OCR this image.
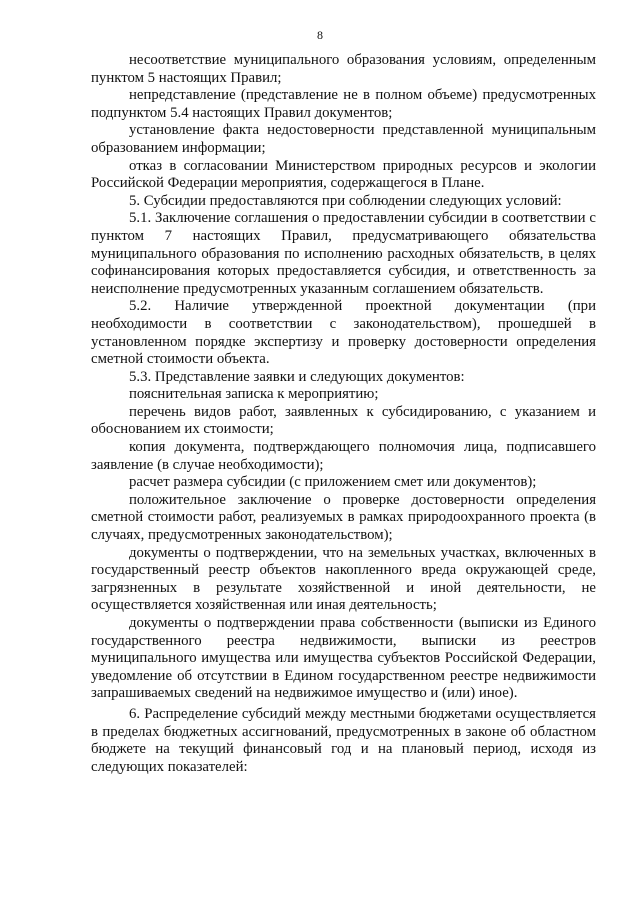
8

несоответствие муниципального образования условиям, определенным пунктом 5 настоящих Правил;

непредставление (представление не в полном объеме) предусмотренных подпунктом 5.4 настоящих Правил документов;

установление факта недостоверности представленной муниципальным образованием информации;

отказ в согласовании Министерством природных ресурсов и экологии Российской Федерации мероприятия, содержащегося в Плане.

5. Субсидии предоставляются при соблюдении следующих условий:

5.1. Заключение соглашения о предоставлении субсидии в соответствии с пунктом 7 настоящих Правил, предусматривающего обязательства муниципального образования по исполнению расходных обязательств, в целях софинансирования которых предоставляется субсидия, и ответственность за неисполнение предусмотренных указанным соглашением обязательств.

5.2. Наличие утвержденной проектной документации (при необходимости в соответствии с законодательством), прошедшей в установленном порядке экспертизу и проверку достоверности определения сметной стоимости объекта.

5.3. Представление заявки и следующих документов:

пояснительная записка к мероприятию;

перечень видов работ, заявленных к субсидированию, с указанием и обоснованием их стоимости;

копия документа, подтверждающего полномочия лица, подписавшего заявление (в случае необходимости);

расчет размера субсидии (с приложением смет или документов);

положительное заключение о проверке достоверности определения сметной стоимости работ, реализуемых в рамках природоохранного проекта (в случаях, предусмотренных законодательством);

документы о подтверждении, что на земельных участках, включенных в государственный реестр объектов накопленного вреда окружающей среде, загрязненных в результате хозяйственной и иной деятельности, не осуществляется хозяйственная или иная деятельность;

документы о подтверждении права собственности (выписки из Единого государственного реестра недвижимости, выписки из реестров муниципального имущества или имущества субъектов Российской Федерации, уведомление об отсутствии в Едином государственном реестре недвижимости запрашиваемых сведений на недвижимое имущество и (или) иное).

6. Распределение субсидий между местными бюджетами осуществляется в пределах бюджетных ассигнований, предусмотренных в законе об областном бюджете на текущий финансовый год и на плановый период, исходя из следующих показателей:
